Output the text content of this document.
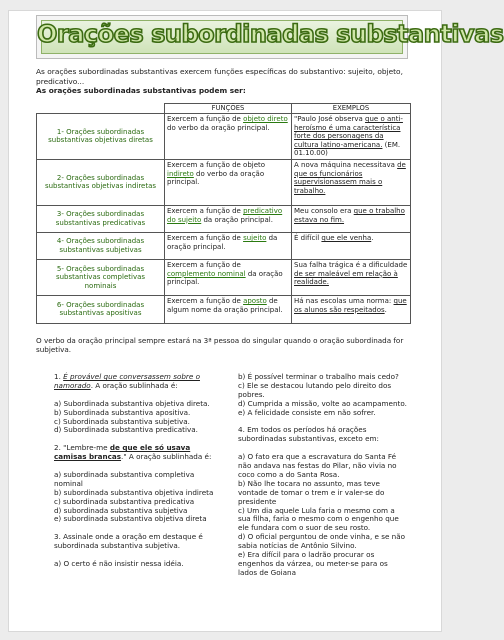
Orações subordinadas substantivas
As orações subordinadas substantivas exercem funções específicas do substantivo: sujeito, objeto, predicativo...
As orações subordinadas substantivas podem ser:
	FUNÇÕES	EXEMPLOS
1- Orações subordinadas substantivas objetivas diretas	Exercem a função de objeto direto do verbo da oração principal.	"Paulo José observa que o anti-heroísmo é uma característica forte dos personagens da cultura latino-americana. (EM. 01.10.00)
2- Orações subordinadas substantivas objetivas indiretas	Exercem a função de objeto indireto do verbo da oração principal.	A nova máquina necessitava de que os funcionários supervisionassem mais o trabalho.
3- Orações subordinadas substantivas predicativas	Exercem a função de predicativo do sujeito da oração principal.	Meu consolo era que o trabalho estava no fim.
4- Orações subordinadas substantivas subjetivas	Exercem a função de sujeito da oração principal.	É difícil que ele venha.
5- Orações subordinadas substantivas completivas nominais	Exercem a função de complemento nominal da oração principal.	Sua falha trágica é a dificuldade de ser maleável em relação à realidade.
6- Orações subordinadas substantivas apositivas	Exercem a função de aposto de algum nome da oração principal.	Há nas escolas uma norma: que os alunos são respeitados.
O verbo da oração principal sempre estará na 3ª pessoa do singular quando o oração subordinada for subjetiva.

1. É provável que conversassem sobre o namorado. A oração sublinhada é:

a) Subordinada substantiva objetiva direta.

b) Subordinada substantiva apositiva.

c) Subordinada substantiva subjetiva.

d) Subordinada substantiva predicativa.

2. "Lembre-me de que ele só usava camisas brancas." A oração sublinhada é:

a) subordinada substantiva completiva nominal

b) subordinada substantiva objetiva indireta

c) subordinada substantiva predicativa

d) subordinada substantiva subjetiva

e) subordinada substantiva objetiva direta

3. Assinale onde a oração em destaque é subordinada substantiva subjetiva.

a) O certo é não insistir nessa idéia.

b) É possível terminar o trabalho mais cedo?

c) Ele se destacou lutando pelo direito dos pobres.

d) Cumprida a missão, volte ao acampamento.

e) A felicidade consiste em não sofrer.

4. Em todos os períodos há orações subordinadas substantivas, exceto em:

a) O fato era que a escravatura do Santa Fé não andava nas festas do Pilar, não vivia no coco como a do Santa Rosa.

b) Não lhe tocara no assunto, mas teve vontade de tomar o trem e ir valer-se do presidente

c) Um dia aquele Lula faria o mesmo com a sua filha, faria o mesmo com o engenho que ele fundara com o suor de seu rosto.

d) O oficial perguntou de onde vinha, e se não sabia notícias de Antônio Silvino.

e) Era difícil para o ladrão procurar os engenhos da várzea, ou meter-se para os lados de Goiana
